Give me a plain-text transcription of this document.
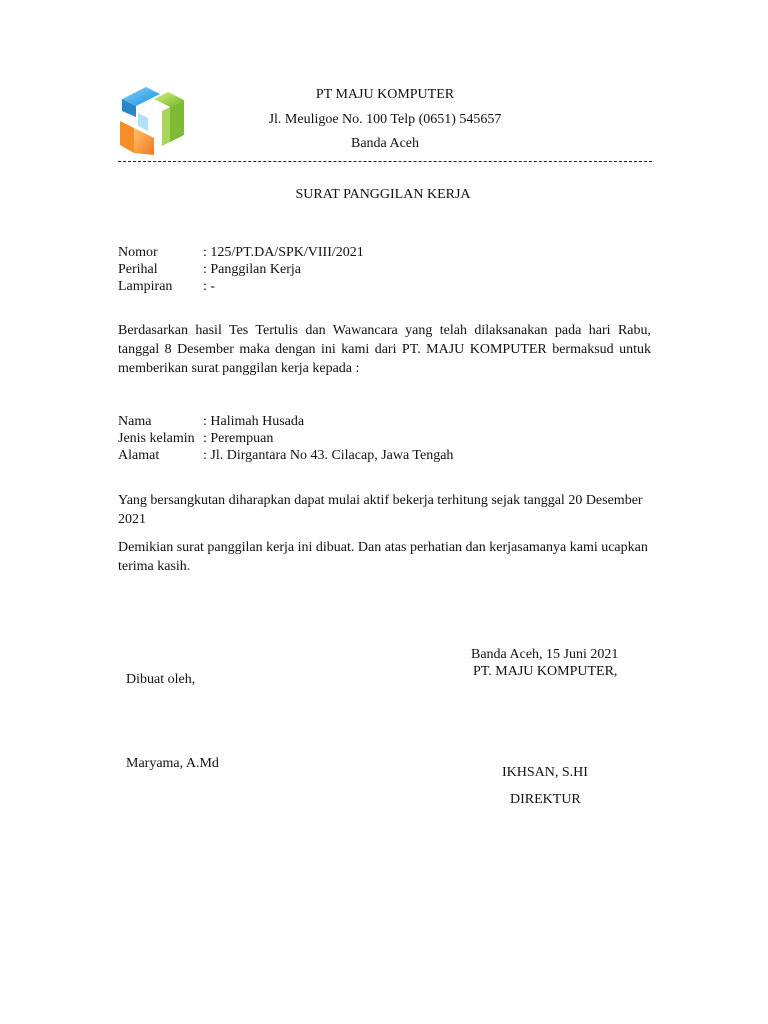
PT MAJU KOMPUTER
Jl. Meuligoe No. 100 Telp (0651) 545657
Banda Aceh
SURAT PANGGILAN KERJA
Nomor	: 125/PT.DA/SPK/VIII/2021
Perihal	: Panggilan Kerja
Lampiran : -
Berdasarkan hasil Tes Tertulis dan Wawancara yang telah dilaksanakan pada hari Rabu, tanggal 8 Desember maka dengan ini kami dari PT. MAJU KOMPUTER bermaksud untuk memberikan surat panggilan kerja kepada :
Nama	: Halimah Husada
Jenis kelamin : Perempuan
Alamat	: Jl. Dirgantara No 43. Cilacap, Jawa Tengah
Yang bersangkutan diharapkan dapat mulai aktif bekerja terhitung sejak tanggal 20 Desember 2021
Demikian surat panggilan kerja ini dibuat. Dan atas perhatian dan kerjasamanya kami ucapkan terima kasih.
Banda Aceh, 15 Juni 2021
PT. MAJU KOMPUTER,
Dibuat oleh,
Maryama, A.Md
IKHSAN, S.HI
DIREKTUR
